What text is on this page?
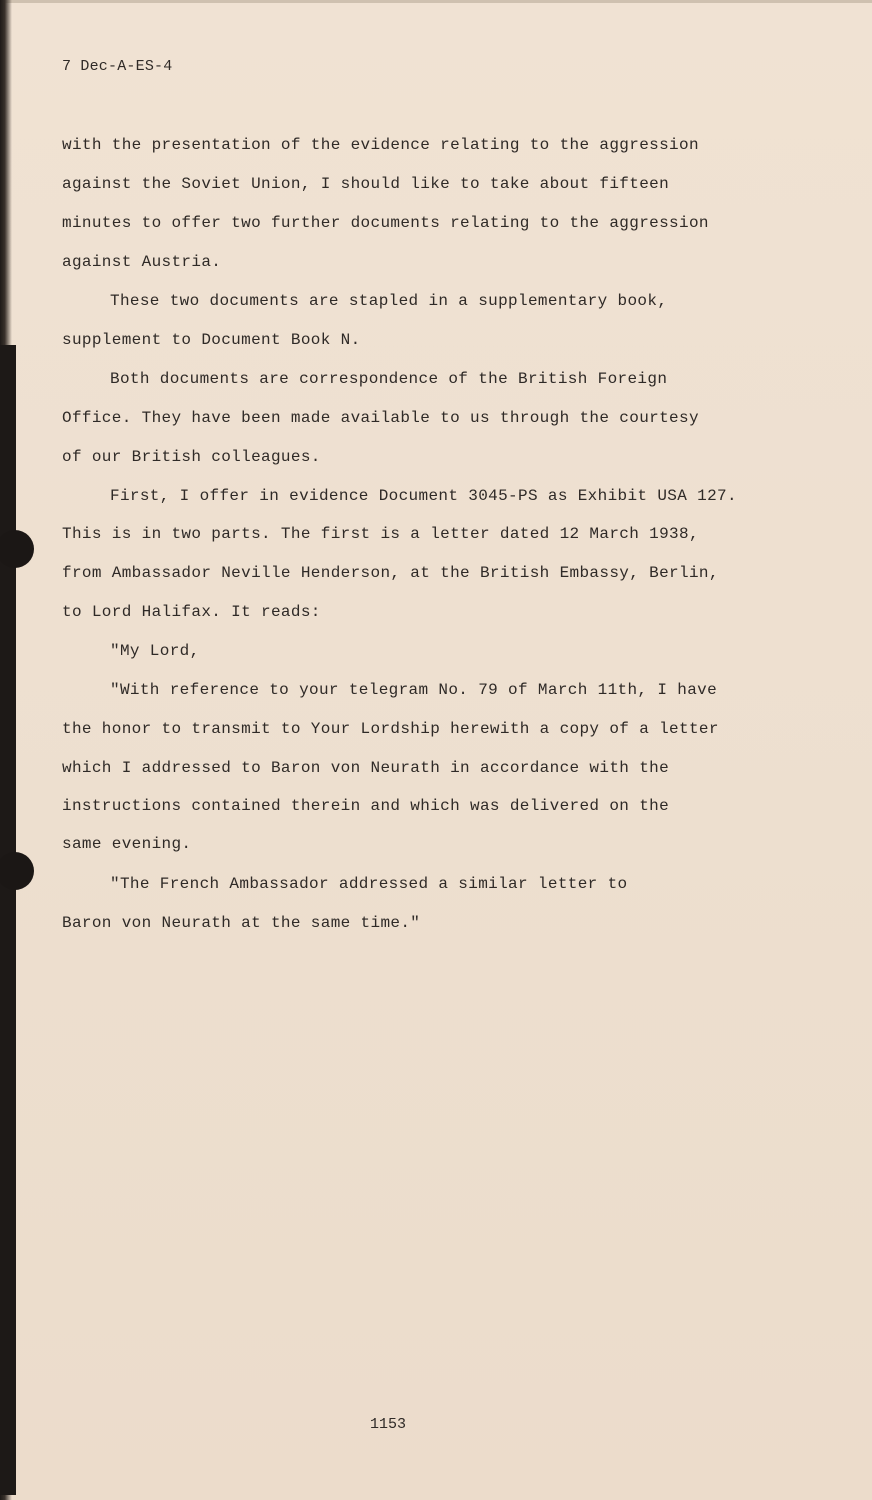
7 Dec-A-ES-4
with the presentation of the evidence relating to the aggression
against the Soviet Union, I should like to take about fifteen
minutes to offer two further documents relating to the aggression
against Austria.
These two documents are stapled in a supplementary book,
supplement to Document Book N.
Both documents are correspondence of the British Foreign
Office. They have been made available to us through the courtesy
of our British colleagues.
First, I offer in evidence Document 3045-PS as Exhibit USA 127.
This is in two parts. The first is a letter dated 12 March 1938,
from Ambassador Neville Henderson, at the British Embassy, Berlin,
to Lord Halifax. It reads:
"My Lord,
"With reference to your telegram No. 79 of March 11th, I have
the honor to transmit to Your Lordship herewith a copy of a letter
which I addressed to Baron von Neurath in accordance with the
instructions contained therein and which was delivered on the
same evening.
"The French Ambassador addressed a similar letter to
Baron von Neurath at the same time."
1153
